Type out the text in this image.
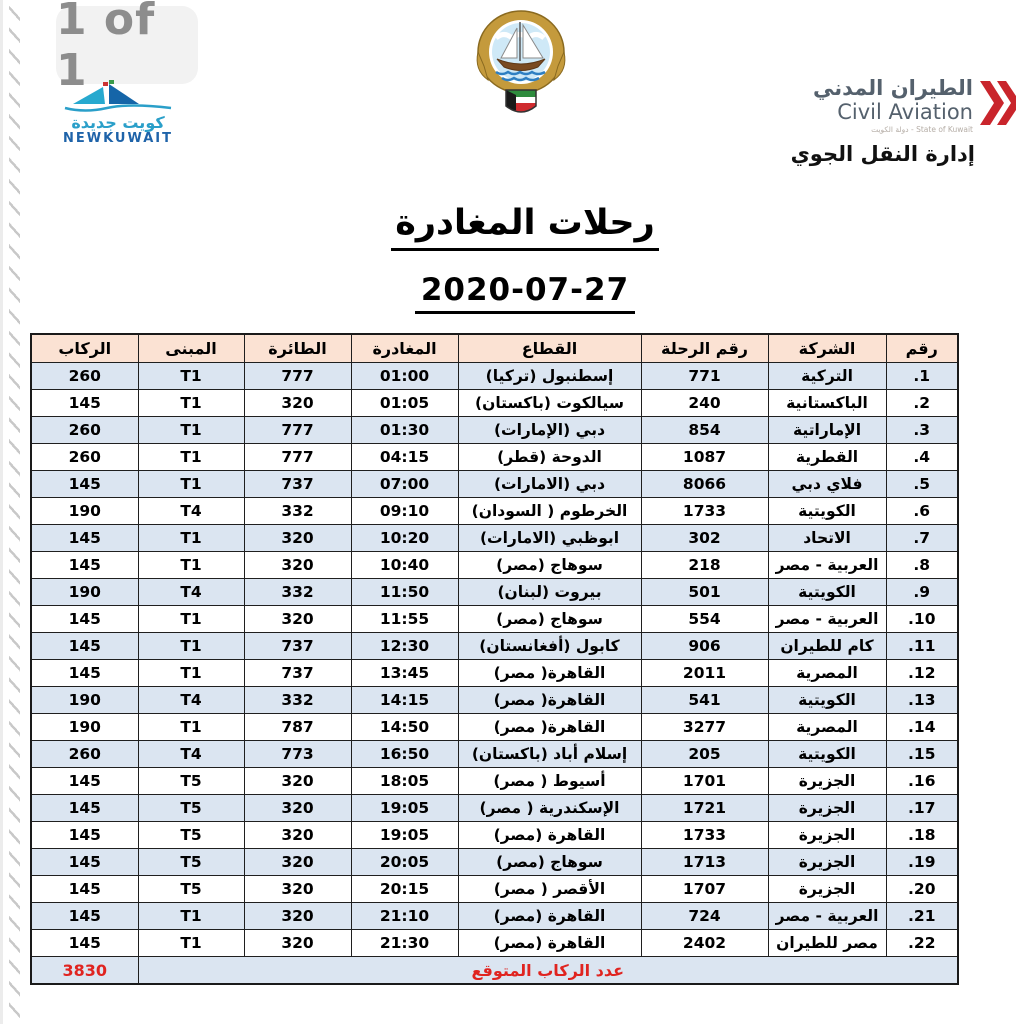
1 of 1
كويت جديدة
NEWKUWAIT
الطيران المدني
Civil Aviation
دولة الكويت - State of Kuwait
إدارة النقل الجوي
رحلات المغادرة
2020-07-27
رقم	الشركة	رقم الرحلة	القطاع	المغادرة	الطائرة	المبنى	الركاب
.1	التركية	771	إسطنبول (تركيا)	01:00	777	T1	260
.2	الباكستانية	240	سيالكوت (باكستان)	01:05	320	T1	145
.3	الإماراتية	854	دبي (الإمارات)	01:30	777	T1	260
.4	القطرية	1087	الدوحة (قطر)	04:15	777	T1	260
.5	فلاي دبي	8066	دبي (الامارات)	07:00	737	T1	145
.6	الكويتية	1733	الخرطوم ( السودان)	09:10	332	T4	190
.7	الاتحاد	302	ابوظبي (الامارات)	10:20	320	T1	145
.8	العربية - مصر	218	سوهاج (مصر)	10:40	320	T1	145
.9	الكويتية	501	بيروت (لبنان)	11:50	332	T4	190
.10	العربية - مصر	554	سوهاج (مصر)	11:55	320	T1	145
.11	كام للطيران	906	كابول (أفغانستان)	12:30	737	T1	145
.12	المصرية	2011	القاهرة( مصر)	13:45	737	T1	145
.13	الكويتية	541	القاهرة( مصر)	14:15	332	T4	190
.14	المصرية	3277	القاهرة( مصر)	14:50	787	T1	190
.15	الكويتية	205	إسلام أباد (باكستان)	16:50	773	T4	260
.16	الجزيرة	1701	أسيوط ( مصر)	18:05	320	T5	145
.17	الجزيرة	1721	الإسكندرية ( مصر)	19:05	320	T5	145
.18	الجزيرة	1733	القاهرة (مصر)	19:05	320	T5	145
.19	الجزيرة	1713	سوهاج (مصر)	20:05	320	T5	145
.20	الجزيرة	1707	الأقصر ( مصر)	20:15	320	T5	145
.21	العربية - مصر	724	القاهرة (مصر)	21:10	320	T1	145
.22	مصر للطيران	2402	القاهرة (مصر)	21:30	320	T1	145
عدد الركاب المتوقع							3830
